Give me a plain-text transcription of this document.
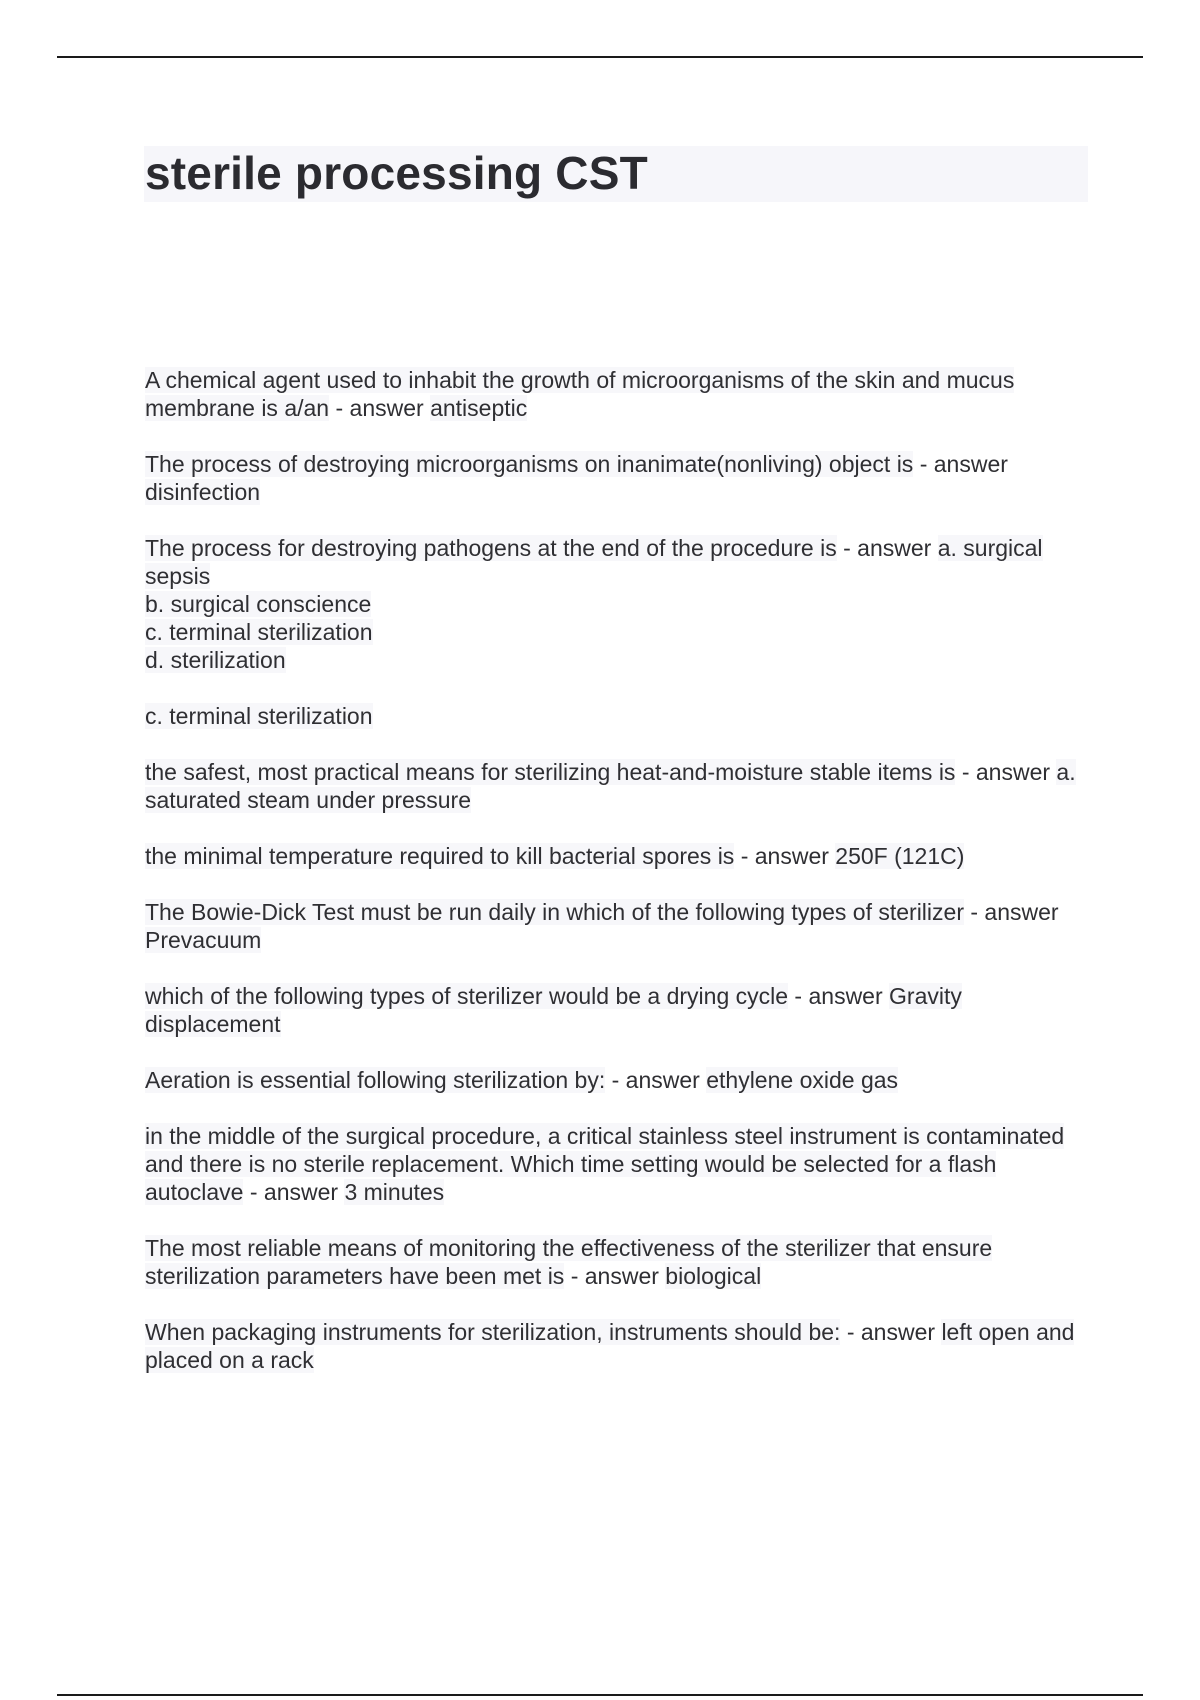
sterile processing CST

A chemical agent used to inhabit the growth of microorganisms of the skin and mucus membrane is a/an - answer antiseptic

The process of destroying microorganisms on inanimate(nonliving) object is - answer disinfection

The process for destroying pathogens at the end of the procedure is - answer a. surgical sepsis
b. surgical conscience
c. terminal sterilization
d. sterilization

c. terminal sterilization

the safest, most practical means for sterilizing heat-and-moisture stable items is - answer a. saturated steam under pressure

the minimal temperature required to kill bacterial spores is - answer 250F (121C)

The Bowie-Dick Test must be run daily in which of the following types of sterilizer - answer Prevacuum

which of the following types of sterilizer would be a drying cycle - answer Gravity displacement

Aeration is essential following sterilization by: - answer ethylene oxide gas

in the middle of the surgical procedure, a critical stainless steel instrument is contaminated and there is no sterile replacement. Which time setting would be selected for a flash autoclave - answer 3 minutes

The most reliable means of monitoring the effectiveness of the sterilizer that ensure sterilization parameters have been met is - answer biological

When packaging instruments for sterilization, instruments should be: - answer left open and placed on a rack
